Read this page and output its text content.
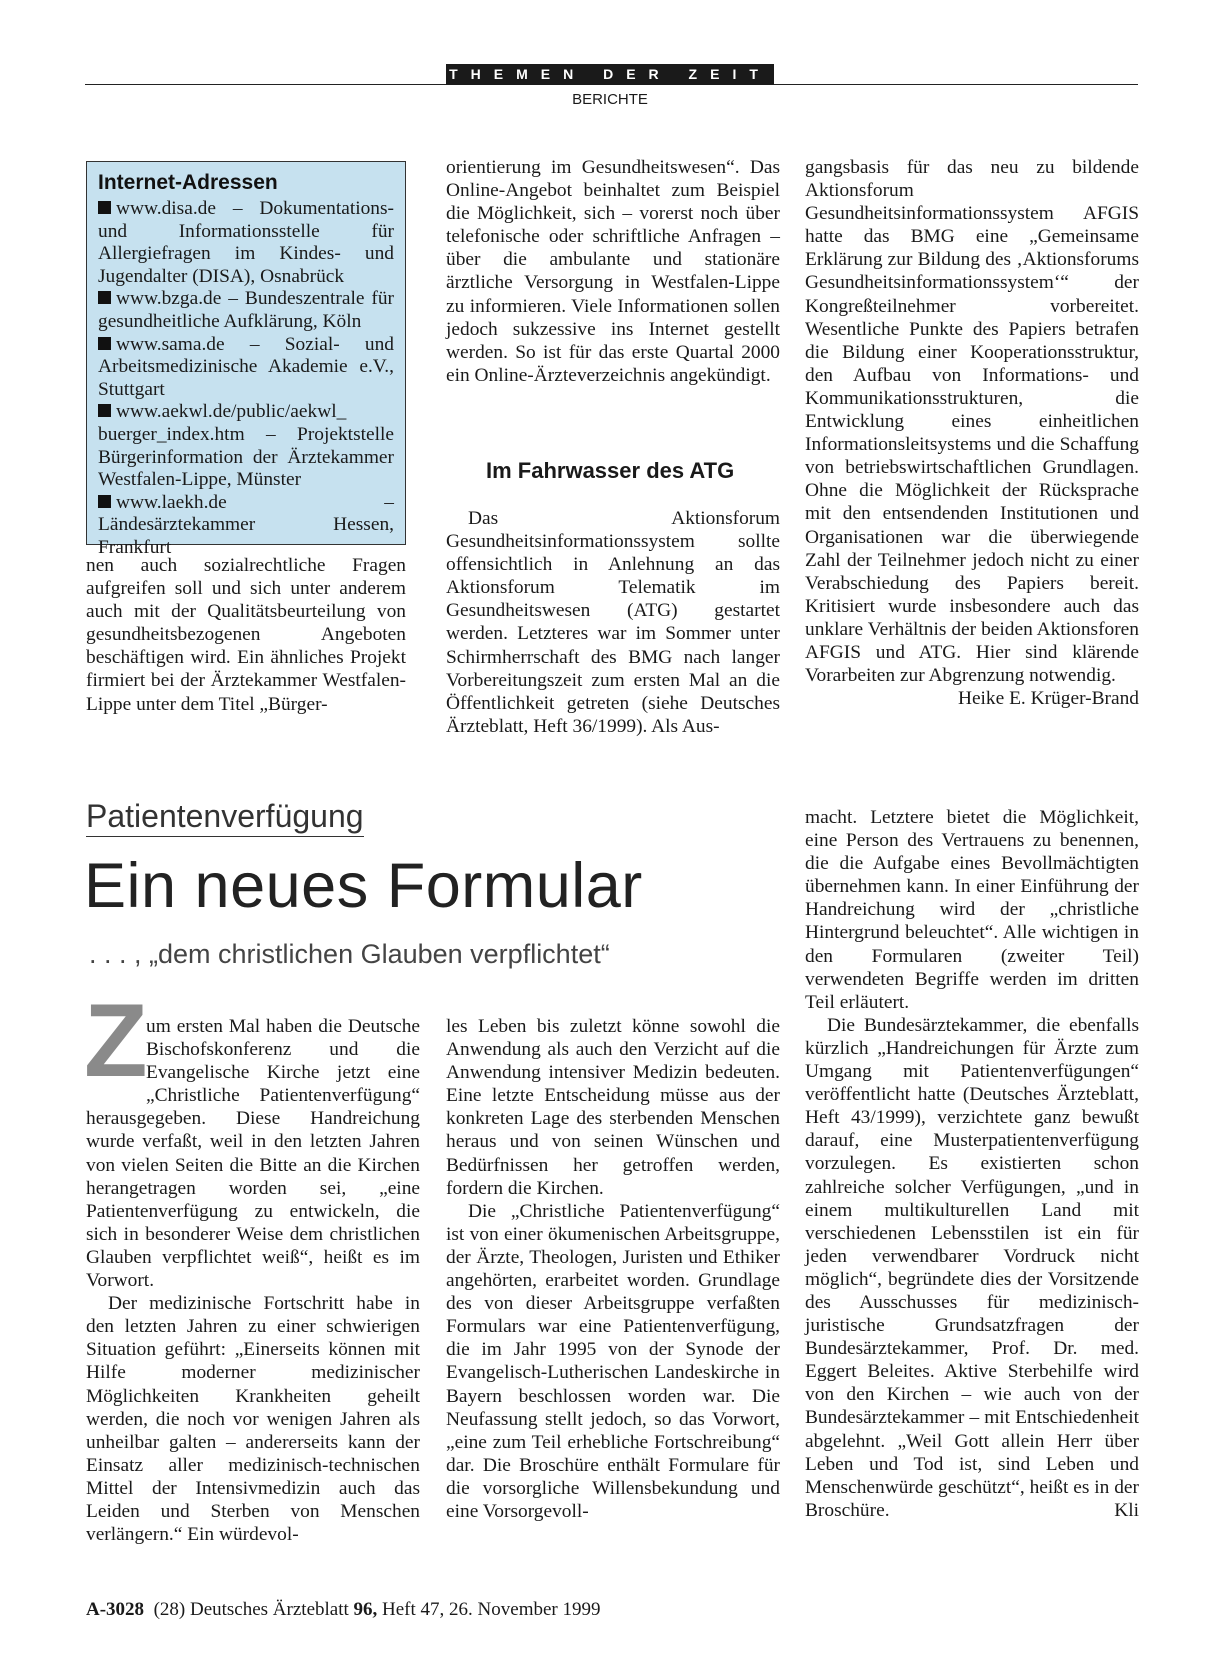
THEMEN DER ZEIT
BERICHTE
Internet-Adressen

www.disa.de – Dokumentations- und Informationsstelle für Allergiefragen im Kindes- und Jugendalter (DISA), Osnabrück

www.bzga.de – Bundeszentrale für gesundheitliche Aufklärung, Köln

www.sama.de – Sozial- und Arbeitsmedizinische Akademie e.V., Stuttgart

www.aekwl.de/public/aekwl_ buerger_index.htm – Projektstelle Bürgerinformation der Ärztekammer Westfalen-Lippe, Münster

www.laekh.de – Ländesärztekammer Hessen, Frankfurt

nen auch sozialrechtliche Fragen aufgreifen soll und sich unter anderem auch mit der Qualitätsbeurteilung von gesundheitsbezogenen Angeboten beschäftigen wird. Ein ähnliches Projekt firmiert bei der Ärztekammer Westfalen-Lippe unter dem Titel „Bürger-

orientierung im Gesundheitswesen“. Das Online-Angebot beinhaltet zum Beispiel die Möglichkeit, sich – vorerst noch über telefonische oder schriftliche Anfragen – über die ambulante und stationäre ärztliche Versorgung in Westfalen-Lippe zu informieren. Viele Informationen sollen jedoch sukzessive ins Internet gestellt werden. So ist für das erste Quartal 2000 ein Online-Ärzteverzeichnis angekündigt.

Im Fahrwasser des ATG

Das Aktionsforum Gesundheitsinformationssystem sollte offensichtlich in Anlehnung an das Aktionsforum Telematik im Gesundheitswesen (ATG) gestartet werden. Letzteres war im Sommer unter Schirmherrschaft des BMG nach langer Vorbereitungszeit zum ersten Mal an die Öffentlichkeit getreten (siehe Deutsches Ärzteblatt, Heft 36/1999). Als Aus-

gangsbasis für das neu zu bildende Aktionsforum Gesundheitsinformationssystem AFGIS hatte das BMG eine „Gemeinsame Erklärung zur Bildung des ‚Aktionsforums Gesundheitsinformationssystem‘“ der Kongreßteilnehmer vorbereitet. Wesentliche Punkte des Papiers betrafen die Bildung einer Kooperationsstruktur, den Aufbau von Informations- und Kommunikationsstrukturen, die Entwicklung eines einheitlichen Informationsleitsystems und die Schaffung von betriebswirtschaftlichen Grundlagen. Ohne die Möglichkeit der Rücksprache mit den entsendenden Institutionen und Organisationen war die überwiegende Zahl der Teilnehmer jedoch nicht zu einer Verabschiedung des Papiers bereit. Kritisiert wurde insbesondere auch das unklare Verhältnis der beiden Aktionsforen AFGIS und ATG. Hier sind klärende Vorarbeiten zur Abgrenzung notwendig.
Heike E. Krüger-Brand

Patientenverfügung
Ein neues Formular
. . . , „dem christlichen Glauben verpflichtet“
Z

um ersten Mal haben die Deutsche Bischofskonferenz und die Evangelische Kirche jetzt eine „Christliche Patientenverfügung“ herausgegeben. Diese Handreichung wurde verfaßt, weil in den letzten Jahren von vielen Seiten die Bitte an die Kirchen herangetragen worden sei, „eine Patientenverfügung zu entwickeln, die sich in besonderer Weise dem christlichen Glauben verpflichtet weiß“, heißt es im Vorwort.

Der medizinische Fortschritt habe in den letzten Jahren zu einer schwierigen Situation geführt: „Einerseits können mit Hilfe moderner medizinischer Möglichkeiten Krankheiten geheilt werden, die noch vor wenigen Jahren als unheilbar galten – andererseits kann der Einsatz aller medizinisch-technischen Mittel der Intensivmedizin auch das Leiden und Sterben von Menschen verlängern.“ Ein würdevol-

les Leben bis zuletzt könne sowohl die Anwendung als auch den Verzicht auf die Anwendung intensiver Medizin bedeuten. Eine letzte Entscheidung müsse aus der konkreten Lage des sterbenden Menschen heraus und von seinen Wünschen und Bedürfnissen her getroffen werden, fordern die Kirchen.

Die „Christliche Patientenverfügung“ ist von einer ökumenischen Arbeitsgruppe, der Ärzte, Theologen, Juristen und Ethiker angehörten, erarbeitet worden. Grundlage des von dieser Arbeitsgruppe verfaßten Formulars war eine Patientenverfügung, die im Jahr 1995 von der Synode der Evangelisch-Lutherischen Landeskirche in Bayern beschlossen worden war. Die Neufassung stellt jedoch, so das Vorwort, „eine zum Teil erhebliche Fortschreibung“ dar. Die Broschüre enthält Formulare für die vorsorgliche Willensbekundung und eine Vorsorgevoll-

macht. Letztere bietet die Möglichkeit, eine Person des Vertrauens zu benennen, die die Aufgabe eines Bevollmächtigten übernehmen kann. In einer Einführung der Handreichung wird der „christliche Hintergrund beleuchtet“. Alle wichtigen in den Formularen (zweiter Teil) verwendeten Begriffe werden im dritten Teil erläutert.

Die Bundesärztekammer, die ebenfalls kürzlich „Handreichungen für Ärzte zum Umgang mit Patientenverfügungen“ veröffentlicht hatte (Deutsches Ärzteblatt, Heft 43/1999), verzichtete ganz bewußt darauf, eine Musterpatientenverfügung vorzulegen. Es existierten schon zahlreiche solcher Verfügungen, „und in einem multikulturellen Land mit verschiedenen Lebensstilen ist ein für jeden verwendbarer Vordruck nicht möglich“, begründete dies der Vorsitzende des Ausschusses für medizinisch-juristische Grundsatzfragen der Bundesärztekammer, Prof. Dr. med. Eggert Beleites. Aktive Sterbehilfe wird von den Kirchen – wie auch von der Bundesärztekammer – mit Entschiedenheit abgelehnt. „Weil Gott allein Herr über Leben und Tod ist, sind Leben und Menschenwürde geschützt“, heißt es in der Broschüre.	Kli

A-3028 (28) Deutsches Ärzteblatt 96, Heft 47, 26. November 1999
